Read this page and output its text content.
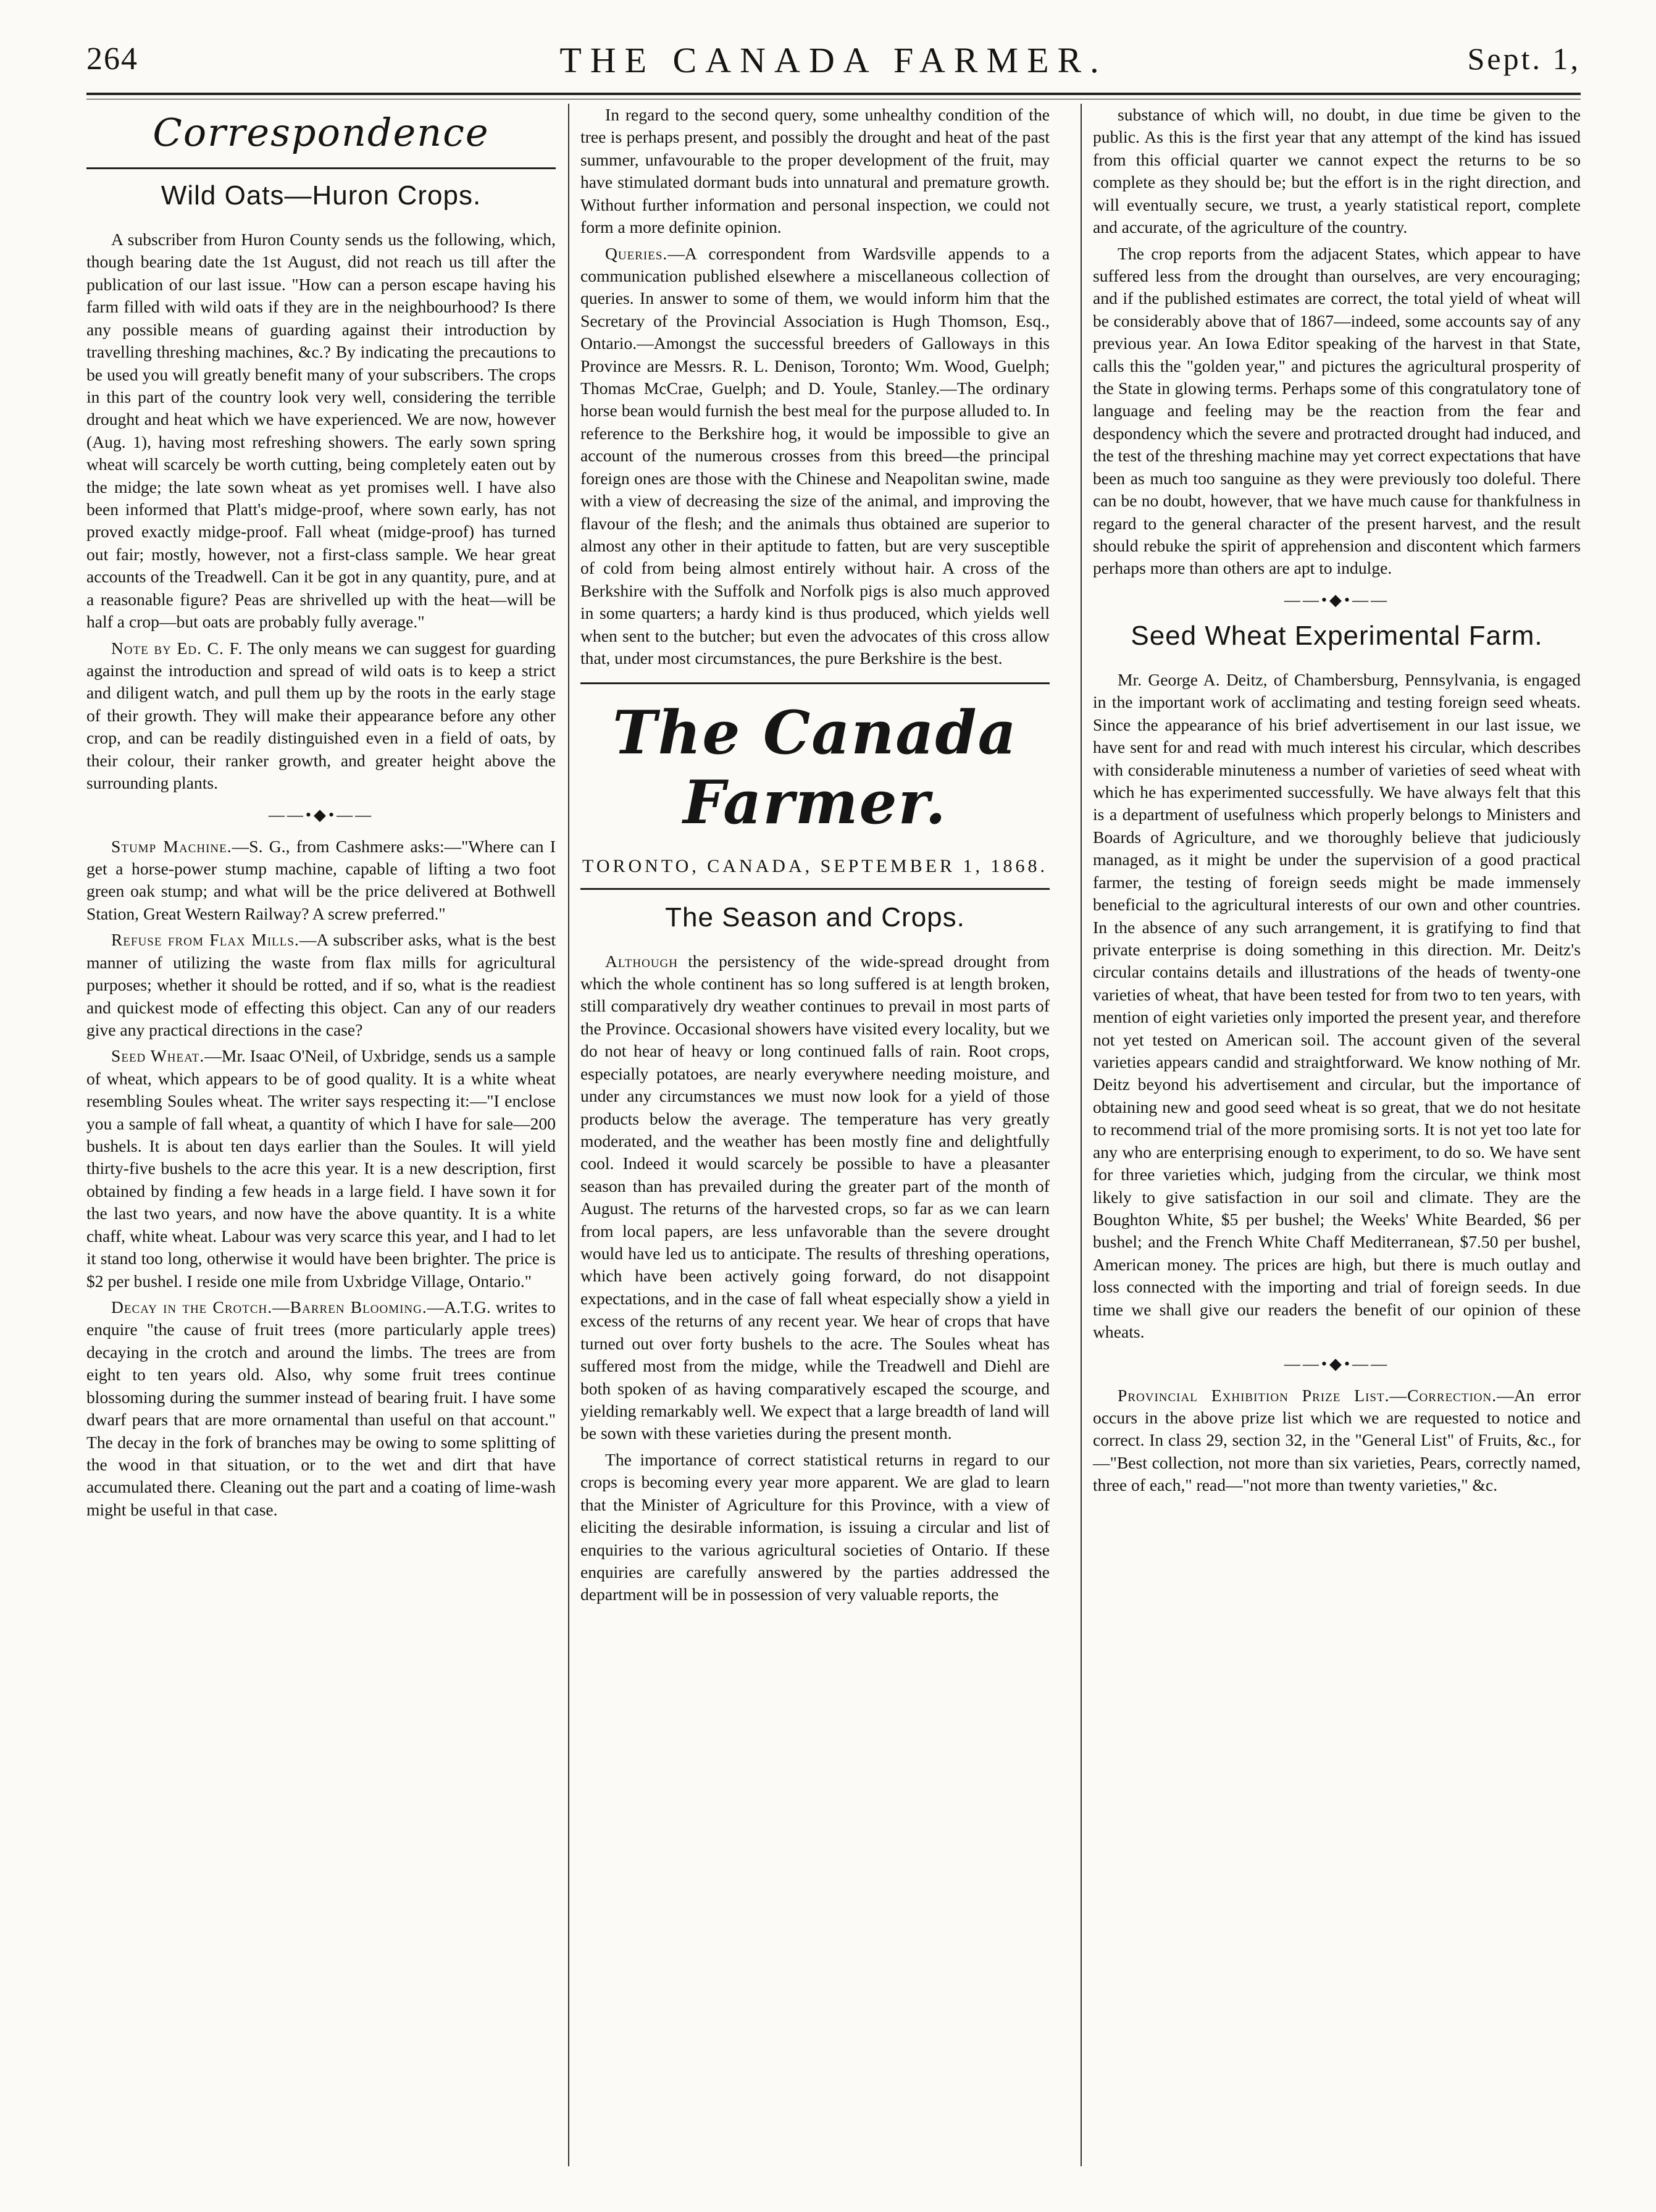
264	THE CANADA FARMER.	Sept. 1,
Correspondence
Wild Oats—Huron Crops.

A subscriber from Huron County sends us the following, which, though bearing date the 1st August, did not reach us till after the publication of our last issue. "How can a person escape having his farm filled with wild oats if they are in the neighbourhood? Is there any possible means of guarding against their introduction by travelling threshing machines, &c.? By indicating the precautions to be used you will greatly benefit many of your subscribers. The crops in this part of the country look very well, considering the terrible drought and heat which we have experienced. We are now, however (Aug. 1), having most refreshing showers. The early sown spring wheat will scarcely be worth cutting, being completely eaten out by the midge; the late sown wheat as yet promises well. I have also been informed that Platt's midge-proof, where sown early, has not proved exactly midge-proof. Fall wheat (midge-proof) has turned out fair; mostly, however, not a first-class sample. We hear great accounts of the Treadwell. Can it be got in any quantity, pure, and at a reasonable figure? Peas are shrivelled up with the heat—will be half a crop—but oats are probably fully average."

Note by Ed. C. F. The only means we can suggest for guarding against the introduction and spread of wild oats is to keep a strict and diligent watch, and pull them up by the roots in the early stage of their growth. They will make their appearance before any other crop, and can be readily distinguished even in a field of oats, by their colour, their ranker growth, and greater height above the surrounding plants.

——•◆•——

Stump Machine.—S. G., from Cashmere asks:—"Where can I get a horse-power stump machine, capable of lifting a two foot green oak stump; and what will be the price delivered at Bothwell Station, Great Western Railway? A screw preferred."

Refuse from Flax Mills.—A subscriber asks, what is the best manner of utilizing the waste from flax mills for agricultural purposes; whether it should be rotted, and if so, what is the readiest and quickest mode of effecting this object. Can any of our readers give any practical directions in the case?

Seed Wheat.—Mr. Isaac O'Neil, of Uxbridge, sends us a sample of wheat, which appears to be of good quality. It is a white wheat resembling Soules wheat. The writer says respecting it:—"I enclose you a sample of fall wheat, a quantity of which I have for sale—200 bushels. It is about ten days earlier than the Soules. It will yield thirty-five bushels to the acre this year. It is a new description, first obtained by finding a few heads in a large field. I have sown it for the last two years, and now have the above quantity. It is a white chaff, white wheat. Labour was very scarce this year, and I had to let it stand too long, otherwise it would have been brighter. The price is $2 per bushel. I reside one mile from Uxbridge Village, Ontario."

Decay in the Crotch.—Barren Blooming.—A.T.G. writes to enquire "the cause of fruit trees (more particularly apple trees) decaying in the crotch and around the limbs. The trees are from eight to ten years old. Also, why some fruit trees continue blossoming during the summer instead of bearing fruit. I have some dwarf pears that are more ornamental than useful on that account." The decay in the fork of branches may be owing to some splitting of the wood in that situation, or to the wet and dirt that have accumulated there. Cleaning out the part and a coating of lime-wash might be useful in that case.

In regard to the second query, some unhealthy condition of the tree is perhaps present, and possibly the drought and heat of the past summer, unfavourable to the proper development of the fruit, may have stimulated dormant buds into unnatural and premature growth. Without further information and personal inspection, we could not form a more definite opinion.

Queries.—A correspondent from Wardsville appends to a communication published elsewhere a miscellaneous collection of queries. In answer to some of them, we would inform him that the Secretary of the Provincial Association is Hugh Thomson, Esq., Ontario.—Amongst the successful breeders of Galloways in this Province are Messrs. R. L. Denison, Toronto; Wm. Wood, Guelph; Thomas McCrae, Guelph; and D. Youle, Stanley.—The ordinary horse bean would furnish the best meal for the purpose alluded to. In reference to the Berkshire hog, it would be impossible to give an account of the numerous crosses from this breed—the principal foreign ones are those with the Chinese and Neapolitan swine, made with a view of decreasing the size of the animal, and improving the flavour of the flesh; and the animals thus obtained are superior to almost any other in their aptitude to fatten, but are very susceptible of cold from being almost entirely without hair. A cross of the Berkshire with the Suffolk and Norfolk pigs is also much approved in some quarters; a hardy kind is thus produced, which yields well when sent to the butcher; but even the advocates of this cross allow that, under most circumstances, the pure Berkshire is the best.

The Canada Farmer.
TORONTO, CANADA, SEPTEMBER 1, 1868.
The Season and Crops.

Although the persistency of the wide-spread drought from which the whole continent has so long suffered is at length broken, still comparatively dry weather continues to prevail in most parts of the Province. Occasional showers have visited every locality, but we do not hear of heavy or long continued falls of rain. Root crops, especially potatoes, are nearly everywhere needing moisture, and under any circumstances we must now look for a yield of those products below the average. The temperature has very greatly moderated, and the weather has been mostly fine and delightfully cool. Indeed it would scarcely be possible to have a pleasanter season than has prevailed during the greater part of the month of August. The returns of the harvested crops, so far as we can learn from local papers, are less unfavorable than the severe drought would have led us to anticipate. The results of threshing operations, which have been actively going forward, do not disappoint expectations, and in the case of fall wheat especially show a yield in excess of the returns of any recent year. We hear of crops that have turned out over forty bushels to the acre. The Soules wheat has suffered most from the midge, while the Treadwell and Diehl are both spoken of as having comparatively escaped the scourge, and yielding remarkably well. We expect that a large breadth of land will be sown with these varieties during the present month.

The importance of correct statistical returns in regard to our crops is becoming every year more apparent. We are glad to learn that the Minister of Agriculture for this Province, with a view of eliciting the desirable information, is issuing a circular and list of enquiries to the various agricultural societies of Ontario. If these enquiries are carefully answered by the parties addressed the department will be in possession of very valuable reports, the

substance of which will, no doubt, in due time be given to the public. As this is the first year that any attempt of the kind has issued from this official quarter we cannot expect the returns to be so complete as they should be; but the effort is in the right direction, and will eventually secure, we trust, a yearly statistical report, complete and accurate, of the agriculture of the country.

The crop reports from the adjacent States, which appear to have suffered less from the drought than ourselves, are very encouraging; and if the published estimates are correct, the total yield of wheat will be considerably above that of 1867—indeed, some accounts say of any previous year. An Iowa Editor speaking of the harvest in that State, calls this the "golden year," and pictures the agricultural prosperity of the State in glowing terms. Perhaps some of this congratulatory tone of language and feeling may be the reaction from the fear and despondency which the severe and protracted drought had induced, and the test of the threshing machine may yet correct expectations that have been as much too sanguine as they were previously too doleful. There can be no doubt, however, that we have much cause for thankfulness in regard to the general character of the present harvest, and the result should rebuke the spirit of apprehension and discontent which farmers perhaps more than others are apt to indulge.

——•◆•——
Seed Wheat Experimental Farm.

Mr. George A. Deitz, of Chambersburg, Pennsylvania, is engaged in the important work of acclimating and testing foreign seed wheats. Since the appearance of his brief advertisement in our last issue, we have sent for and read with much interest his circular, which describes with considerable minuteness a number of varieties of seed wheat with which he has experimented successfully. We have always felt that this is a department of usefulness which properly belongs to Ministers and Boards of Agriculture, and we thoroughly believe that judiciously managed, as it might be under the supervision of a good practical farmer, the testing of foreign seeds might be made immensely beneficial to the agricultural interests of our own and other countries. In the absence of any such arrangement, it is gratifying to find that private enterprise is doing something in this direction. Mr. Deitz's circular contains details and illustrations of the heads of twenty-one varieties of wheat, that have been tested for from two to ten years, with mention of eight varieties only imported the present year, and therefore not yet tested on American soil. The account given of the several varieties appears candid and straightforward. We know nothing of Mr. Deitz beyond his advertisement and circular, but the importance of obtaining new and good seed wheat is so great, that we do not hesitate to recommend trial of the more promising sorts. It is not yet too late for any who are enterprising enough to experiment, to do so. We have sent for three varieties which, judging from the circular, we think most likely to give satisfaction in our soil and climate. They are the Boughton White, $5 per bushel; the Weeks' White Bearded, $6 per bushel; and the French White Chaff Mediterranean, $7.50 per bushel, American money. The prices are high, but there is much outlay and loss connected with the importing and trial of foreign seeds. In due time we shall give our readers the benefit of our opinion of these wheats.

——•◆•——

Provincial Exhibition Prize List.—Correction.—An error occurs in the above prize list which we are requested to notice and correct. In class 29, section 32, in the "General List" of Fruits, &c., for—"Best collection, not more than six varieties, Pears, correctly named, three of each," read—"not more than twenty varieties," &c.
